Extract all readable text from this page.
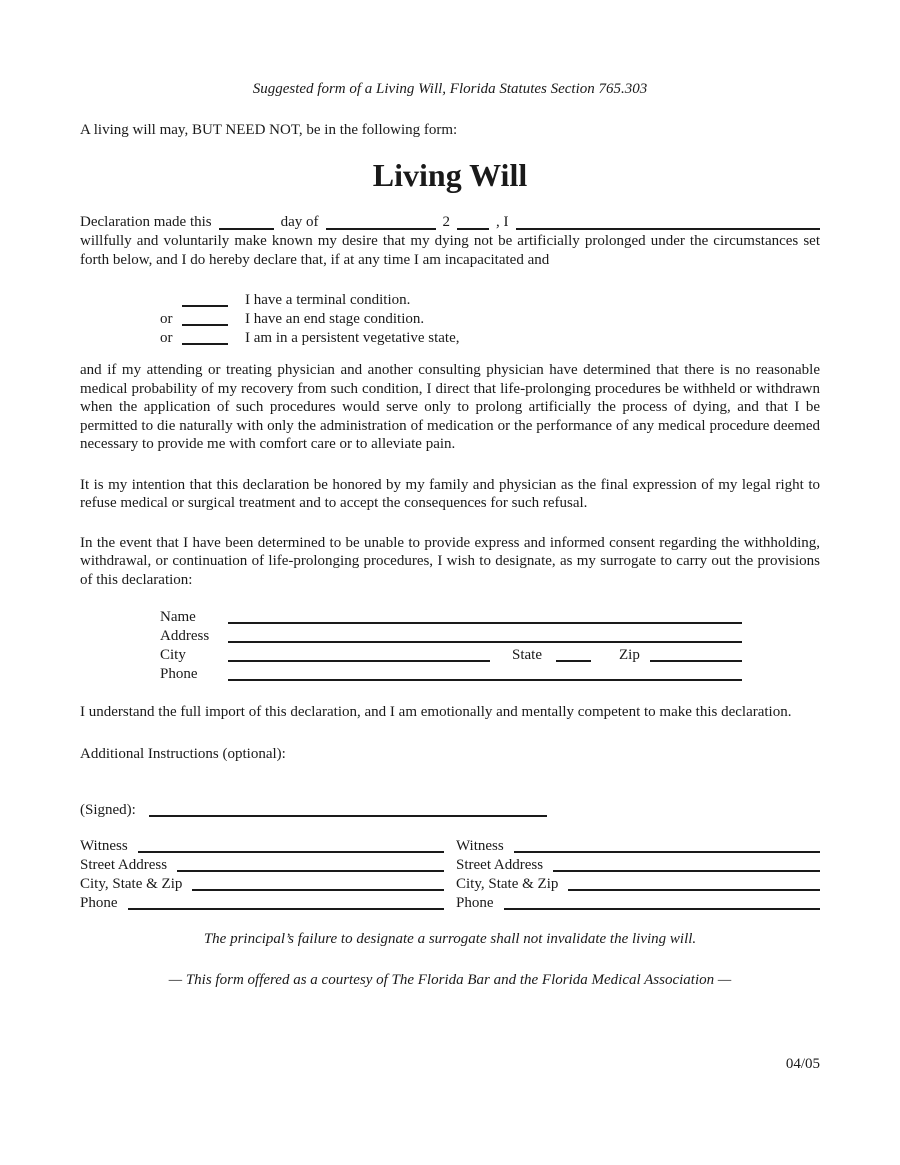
Suggested form of a Living Will, Florida Statutes Section 765.303
A living will may, BUT NEED NOT, be in the following form:
Living Will
Declaration made this	day of	2	, I

willfully and voluntarily make known my desire that my dying not be artificially prolonged under the circumstances set forth below, and I do hereby declare that, if at any time I am incapacitated and

I have a terminal condition.
or	I have an end stage condition.
or	I am in a persistent vegetative state,

and if my attending or treating physician and another consulting physician have determined that there is no reasonable medical probability of my recovery from such condition, I direct that life-prolonging procedures be withheld or withdrawn when the application of such procedures would serve only to prolong artificially the process of dying, and that I be permitted to die naturally with only the administration of medication or the performance of any medical procedure deemed necessary to provide me with comfort care or to alleviate pain.

It is my intention that this declaration be honored by my family and physician as the final expression of my legal right to refuse medical or surgical treatment and to accept the consequences for such refusal.

In the event that I have been determined to be unable to provide express and informed consent regarding the withholding, withdrawal, or continuation of life-prolonging procedures, I wish to designate, as my surrogate to carry out the provisions of this declaration:

Name
Address
City	State	Zip
Phone

I understand the full import of this declaration, and I am emotionally and mentally competent to make this declaration.

Additional Instructions (optional):

(Signed):
Witness
Street Address
City, State & Zip
Phone
Witness
Street Address
City, State & Zip
Phone
The principal’s failure to designate a surrogate shall not invalidate the living will.
— This form offered as a courtesy of The Florida Bar and the Florida Medical Association —
04/05
